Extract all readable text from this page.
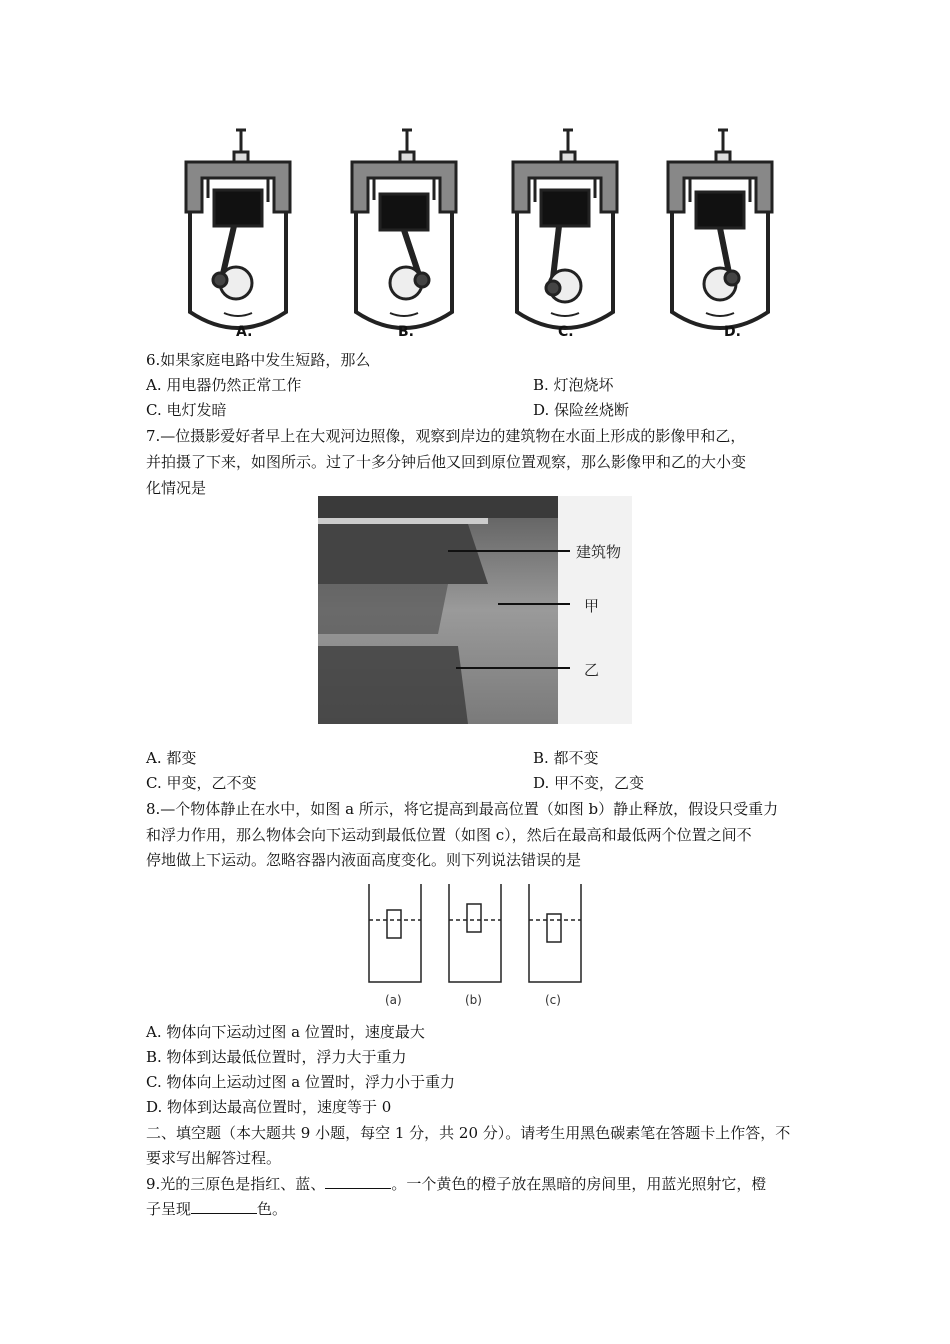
A.	B.	C.	D.
6.如果家庭电路中发生短路，那么
A. 用电器仍然正常工作	B. 灯泡烧坏
C. 电灯发暗	D. 保险丝烧断
7.—位摄影爱好者早上在大观河边照像，观察到岸边的建筑物在水面上形成的影像甲和乙，
并拍摄了下来，如图所示。过了十多分钟后他又回到原位置观察，那么影像甲和乙的大小变
化情况是
建筑物
甲
乙
A. 都变	B. 都不变
C. 甲变，乙不变	D. 甲不变，乙变
8.—个物体静止在水中，如图 a 所示，将它提高到最高位置（如图 b）静止释放，假设只受重力
和浮力作用，那么物体会向下运动到最低位置（如图 c），然后在最高和最低两个位置之间不
停地做上下运动。忽略容器内液面高度变化。则下列说法错误的是
(a)	(b)	(c)
A. 物体向下运动过图 a 位置时，速度最大
B. 物体到达最低位置时，浮力大于重力
C. 物体向上运动过图 a 位置时，浮力小于重力
D. 物体到达最高位置时，速度等于 0
二、填空题（本大题共 9 小题，每空 1 分，共 20 分）。请考生用黑色碳素笔在答题卡上作答，不
要求写出解答过程。
9.光的三原色是指红、蓝、	。一个黄色的橙子放在黑暗的房间里，用蓝光照射它，橙
子呈现	色。
